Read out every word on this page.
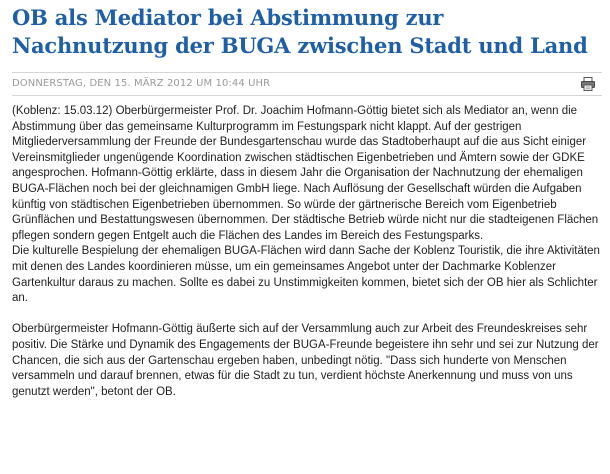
OB als Mediator bei Abstimmung zur Nachnutzung der BUGA zwischen Stadt und Land
DONNERSTAG, DEN 15. MÄRZ 2012 UM 10:44 UHR

(Koblenz: 15.03.12) Oberbürgermeister Prof. Dr. Joachim Hofmann-Göttig bietet sich als Mediator an, wenn die Abstimmung über das gemeinsame Kulturprogramm im Festungspark nicht klappt. Auf der gestrigen Mitgliederversammlung der Freunde der Bundesgartenschau wurde das Stadtoberhaupt auf die aus Sicht einiger Vereinsmitglieder ungenügende Koordination zwischen städtischen Eigenbetrieben und Ämtern sowie der GDKE angesprochen. Hofmann-Göttig erklärte, dass in diesem Jahr die Organisation der Nachnutzung der ehemaligen BUGA-Flächen noch bei der gleichnamigen GmbH liege. Nach Auflösung der Gesellschaft würden die Aufgaben künftig von städtischen Eigenbetrieben übernommen. So würde der gärtnerische Bereich vom Eigenbetrieb Grünflächen und Bestattungswesen übernommen. Der städtische Betrieb würde nicht nur die stadteigenen Flächen pflegen sondern gegen Entgelt auch die Flächen des Landes im Bereich des Festungsparks.

Die kulturelle Bespielung der ehemaligen BUGA-Flächen wird dann Sache der Koblenz Touristik, die ihre Aktivitäten mit denen des Landes koordinieren müsse, um ein gemeinsames Angebot unter der Dachmarke Koblenzer Gartenkultur daraus zu machen. Sollte es dabei zu Unstimmigkeiten kommen, bietet sich der OB hier als Schlichter an.

Oberbürgermeister Hofmann-Göttig äußerte sich auf der Versammlung auch zur Arbeit des Freundeskreises sehr positiv. Die Stärke und Dynamik des Engagements der BUGA-Freunde begeistere ihn sehr und sei zur Nutzung der Chancen, die sich aus der Gartenschau ergeben haben, unbedingt nötig. "Dass sich hunderte von Menschen versammeln und darauf brennen, etwas für die Stadt zu tun, verdient höchste Anerkennung und muss von uns genutzt werden", betont der OB.
